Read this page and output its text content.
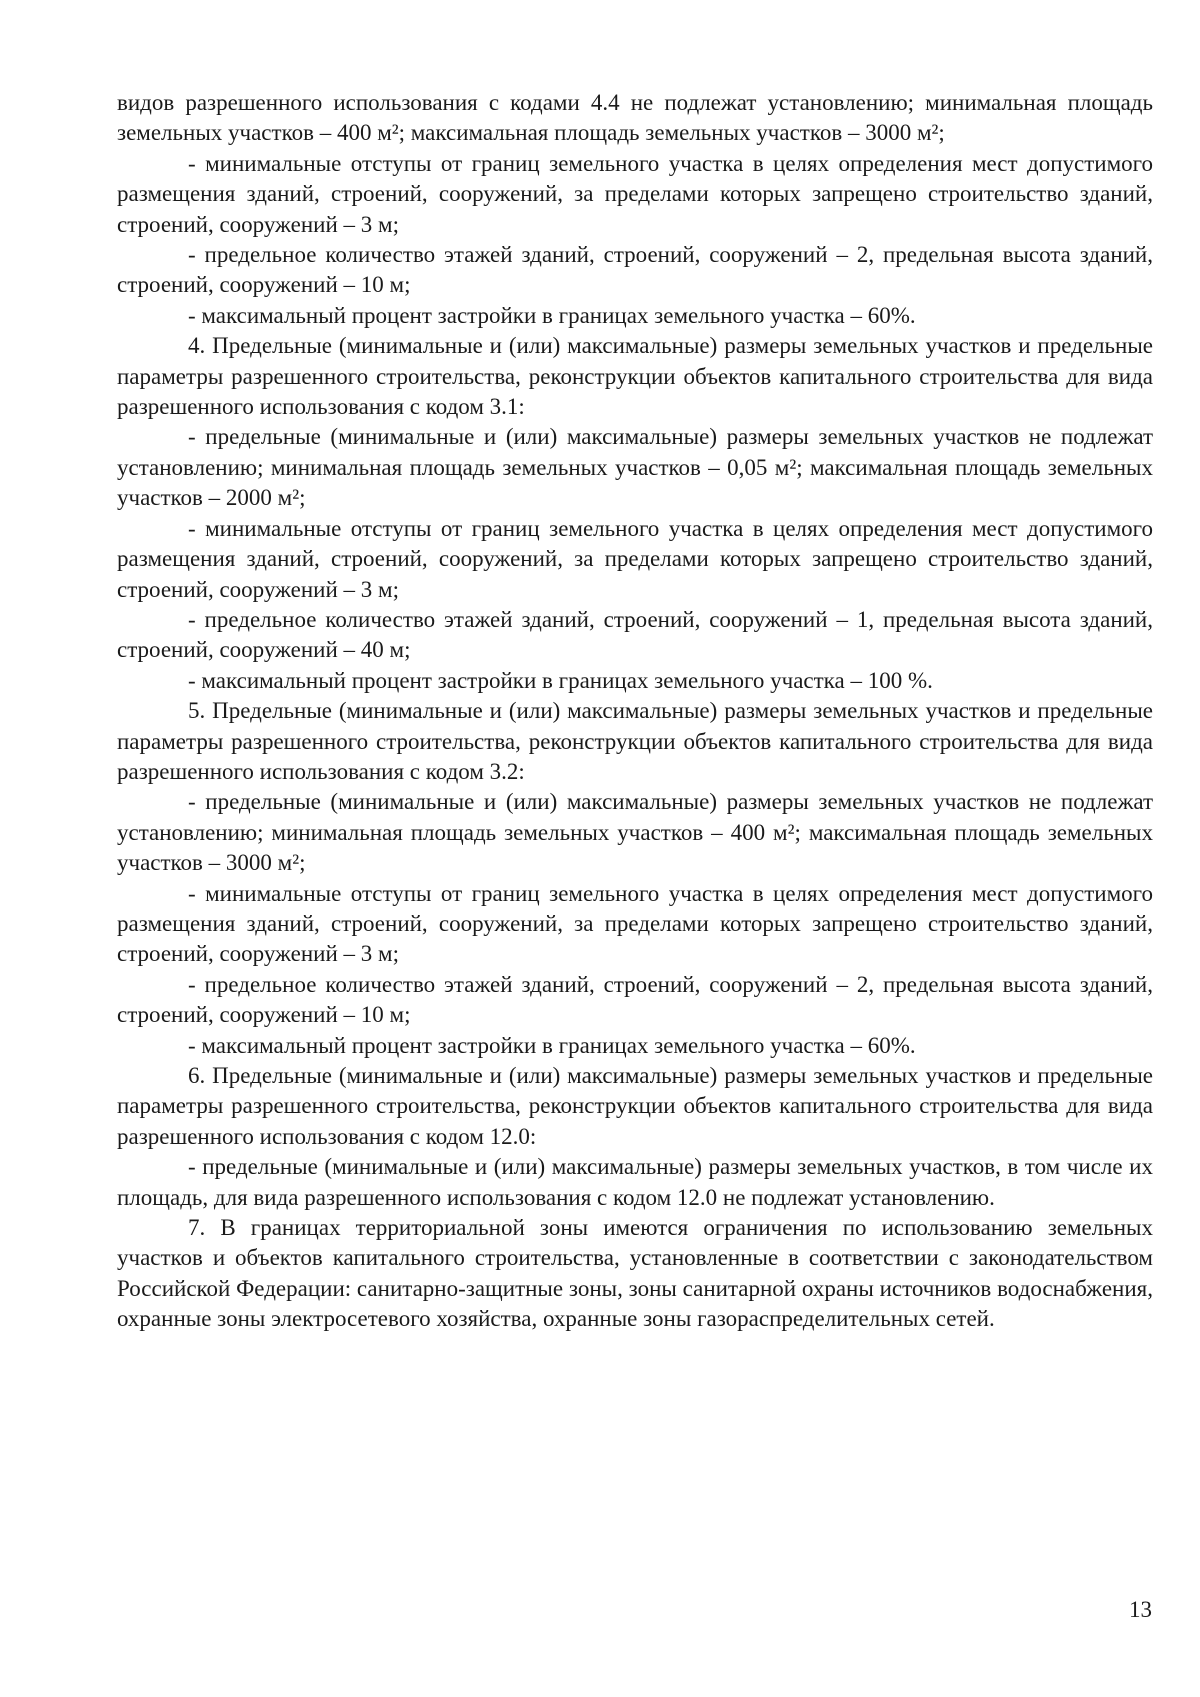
видов разрешенного использования с кодами 4.4 не подлежат установлению; минимальная площадь земельных участков – 400 м²; максимальная площадь земельных участков – 3000 м²;

- минимальные отступы от границ земельного участка в целях определения мест допустимого размещения зданий, строений, сооружений, за пределами которых запрещено строительство зданий, строений, сооружений – 3 м;

- предельное количество этажей зданий, строений, сооружений – 2, предельная высота зданий, строений, сооружений – 10 м;

- максимальный процент застройки в границах земельного участка – 60%.

4. Предельные (минимальные и (или) максимальные) размеры земельных участков и предельные параметры разрешенного строительства, реконструкции объектов капитального строительства для вида разрешенного использования с кодом 3.1:

- предельные (минимальные и (или) максимальные) размеры земельных участков не подлежат установлению; минимальная площадь земельных участков – 0,05 м²; максимальная площадь земельных участков – 2000 м²;

- минимальные отступы от границ земельного участка в целях определения мест допустимого размещения зданий, строений, сооружений, за пределами которых запрещено строительство зданий, строений, сооружений – 3 м;

- предельное количество этажей зданий, строений, сооружений – 1, предельная высота зданий, строений, сооружений – 40 м;

- максимальный процент застройки в границах земельного участка – 100 %.

5. Предельные (минимальные и (или) максимальные) размеры земельных участков и предельные параметры разрешенного строительства, реконструкции объектов капитального строительства для вида разрешенного использования с кодом 3.2:

- предельные (минимальные и (или) максимальные) размеры земельных участков не подлежат установлению; минимальная площадь земельных участков – 400 м²; максимальная площадь земельных участков – 3000 м²;

- минимальные отступы от границ земельного участка в целях определения мест допустимого размещения зданий, строений, сооружений, за пределами которых запрещено строительство зданий, строений, сооружений – 3 м;

- предельное количество этажей зданий, строений, сооружений – 2, предельная высота зданий, строений, сооружений – 10 м;

- максимальный процент застройки в границах земельного участка – 60%.

6. Предельные (минимальные и (или) максимальные) размеры земельных участков и предельные параметры разрешенного строительства, реконструкции объектов капитального строительства для вида разрешенного использования с кодом 12.0:

- предельные (минимальные и (или) максимальные) размеры земельных участков, в том числе их площадь, для вида разрешенного использования с кодом 12.0 не подлежат установлению.

7. В границах территориальной зоны имеются ограничения по использованию земельных участков и объектов капитального строительства, установленные в соответствии с законодательством Российской Федерации: санитарно-защитные зоны, зоны санитарной охраны источников водоснабжения, охранные зоны электросетевого хозяйства, охранные зоны газораспределительных сетей.

13
